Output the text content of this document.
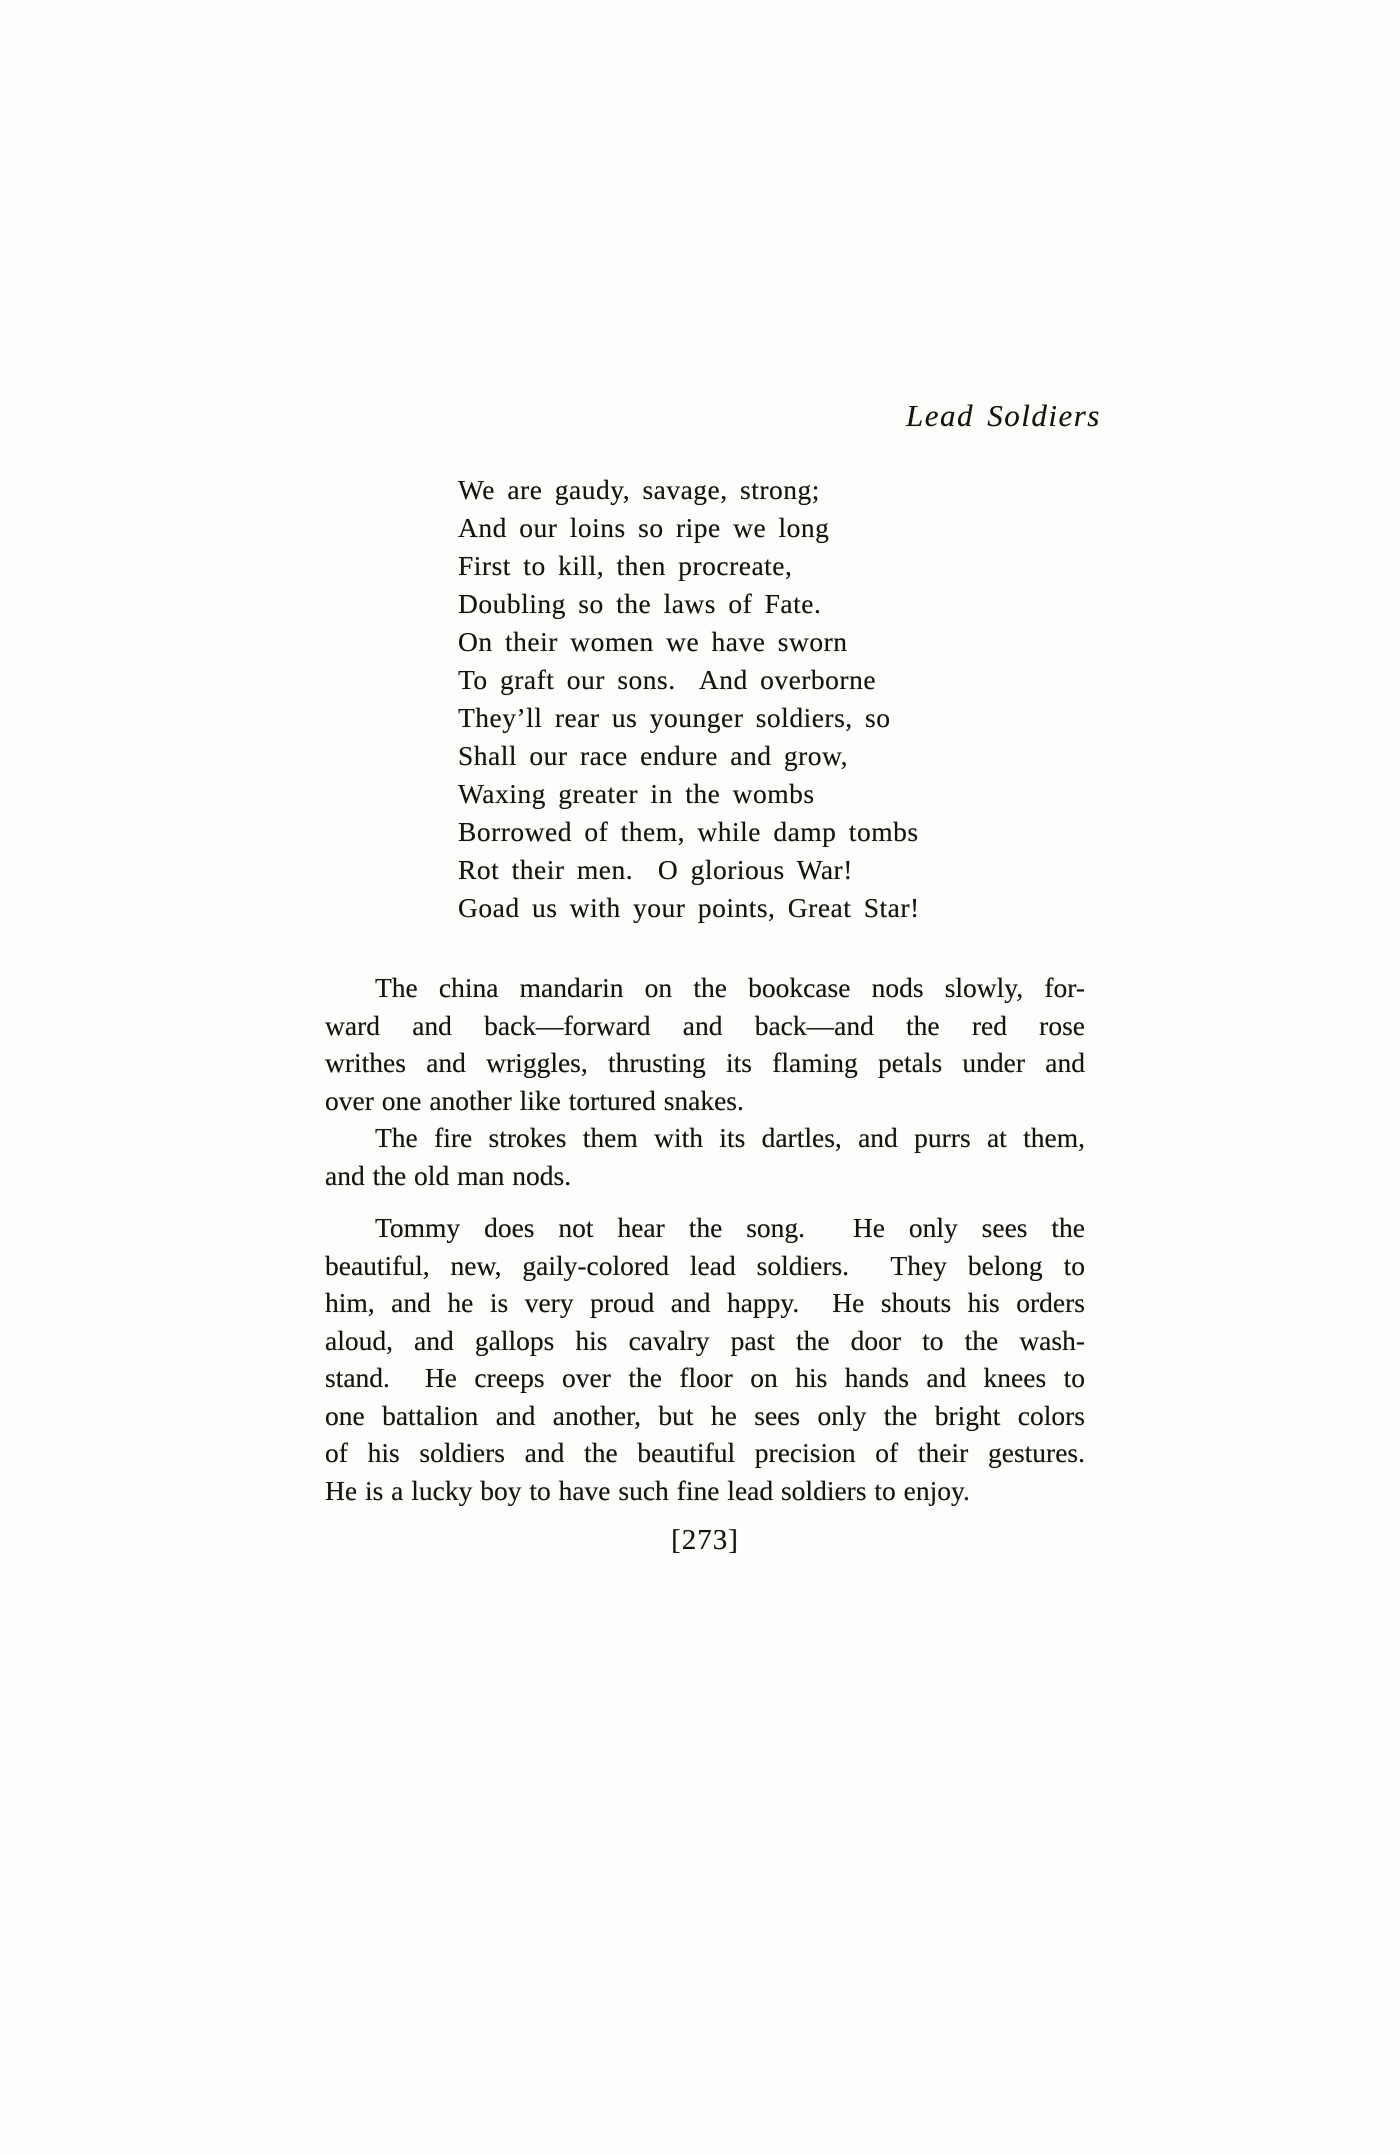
Lead Soldiers
We are gaudy, savage, strong;
And our loins so ripe we long
First to kill, then procreate,
Doubling so the laws of Fate.
On their women we have sworn
To graft our sons.  And overborne
They’ll rear us younger soldiers, so
Shall our race endure and grow,
Waxing greater in the wombs
Borrowed of them, while damp tombs
Rot their men.  O glorious War!
Goad us with your points, Great Star!
The china mandarin on the bookcase nods slowly, for-
ward and back—forward and back—and the red rose
writhes and wriggles, thrusting its flaming petals under and
over one another like tortured snakes.
The fire strokes them with its dartles, and purrs at them,
and the old man nods.
Tommy does not hear the song.  He only sees the
beautiful, new, gaily-colored lead soldiers.  They belong to
him, and he is very proud and happy.  He shouts his orders
aloud, and gallops his cavalry past the door to the wash-
stand.  He creeps over the floor on his hands and knees to
one battalion and another, but he sees only the bright colors
of his soldiers and the beautiful precision of their gestures.
He is a lucky boy to have such fine lead soldiers to enjoy.
[273]
